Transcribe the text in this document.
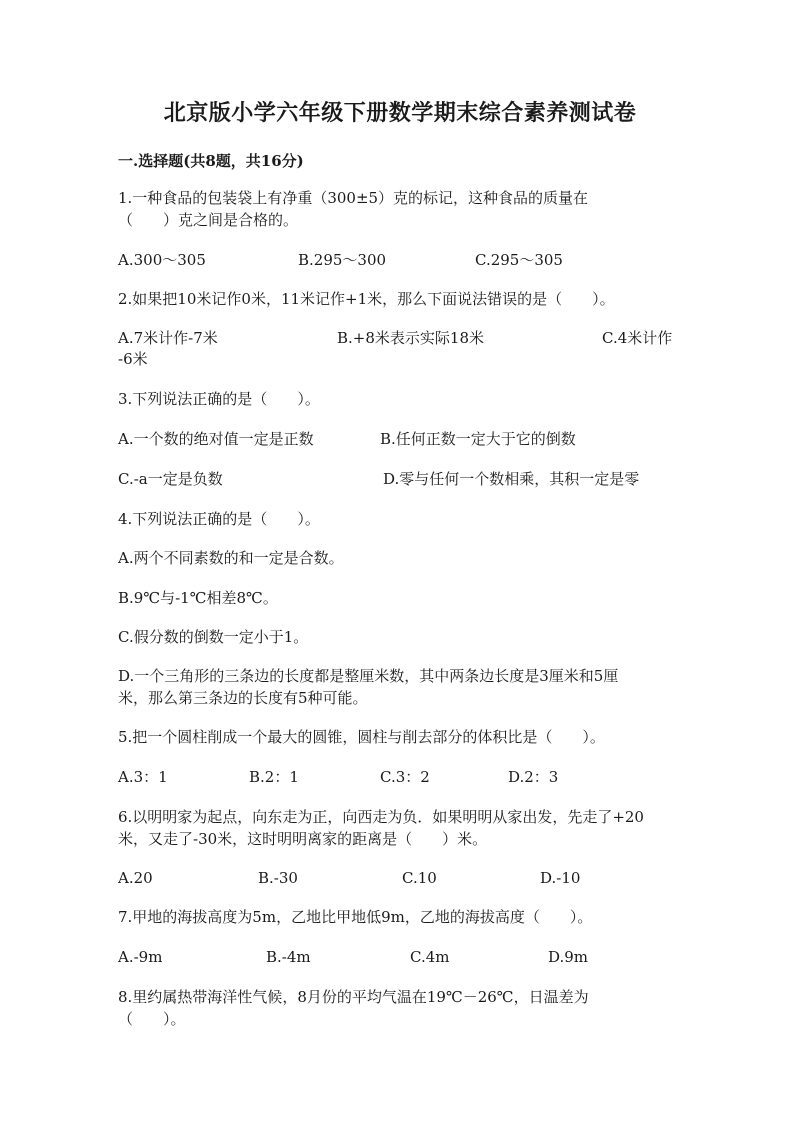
北京版小学六年级下册数学期末综合素养测试卷
一.选择题(共8题，共16分)
1.一种食品的包装袋上有净重（300±5）克的标记，这种食品的质量在
（　　）克之间是合格的。
A.300～305	B.295～300	C.295～305
2.如果把10米记作0米，11米记作+1米，那么下面说法错误的是（　　）。
A.7米计作-7米	B.+8米表示实际18米	C.4米计作
-6米
3.下列说法正确的是（　　）。
A.一个数的绝对值一定是正数	B.任何正数一定大于它的倒数
C.-a一定是负数	D.零与任何一个数相乘，其积一定是零
4.下列说法正确的是（　　）。
A.两个不同素数的和一定是合数。
B.9℃与-1℃相差8℃。
C.假分数的倒数一定小于1。
D.一个三角形的三条边的长度都是整厘米数，其中两条边长度是3厘米和5厘
米，那么第三条边的长度有5种可能。
5.把一个圆柱削成一个最大的圆锥，圆柱与削去部分的体积比是（　　）。
A.3：1	B.2：1	C.3：2	D.2：3
6.以明明家为起点，向东走为正，向西走为负．如果明明从家出发，先走了+20
米，又走了-30米，这时明明离家的距离是（　　）米。
A.20	B.-30	C.10	D.-10
7.甲地的海拔高度为5m，乙地比甲地低9m，乙地的海拔高度（　　）。
A.-9m	B.-4m	C.4m	D.9m
8.里约属热带海洋性气候，8月份的平均气温在19℃－26℃，日温差为
（　　）。
